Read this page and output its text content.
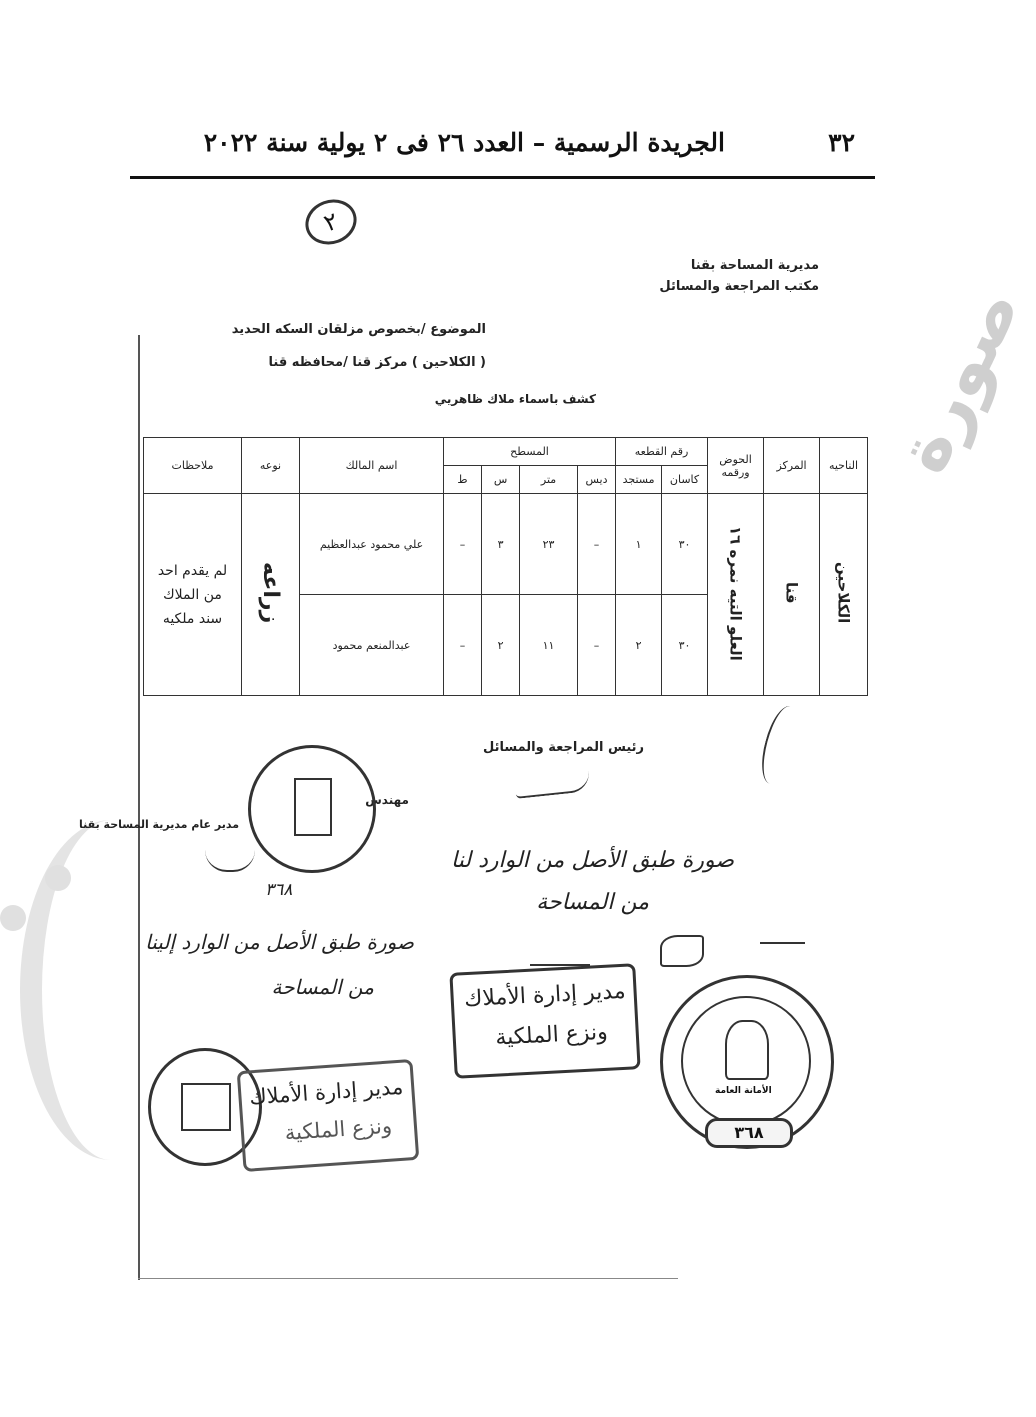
صورة
الجريدة الرسمية – العدد ٢٦ فى ٢ يولية سنة ٢٠٢٢	٣٢
٢
مديرية المساحة بقنا
مكتب المراجعة والمسائل
الموضوع /بخصوص مزلقان السكه الحديد
( الكلاحين ) مركز قنا /محافظه قنا
كشف باسماء ملاك ظاهريي
الناحيه	المركز	الحوض ورقمه	رقم القطعه		المسطح				اسم المالك	نوعه	ملاحظات
			كاسان	مستجد	ديس	متر	س	ط			
الكلاحين	قنا	العلو التيه نمره ١٦	٣٠	١	–	٢٣	٣	–	علي محمود عبدالعظيم	زراعه	لم يقدم احد
من الملاك
سند ملكيه

			٣٠	٢	–	١١	٢	–	عبدالمنعم محمود		
رئيس المراجعة والمسائل
مهندس
مدير عام مديرية المساحة بقنا
٣٦٨
صورة طبق الأصل من الوارد لنا
من المساحة
صورة طبق الأصل من الوارد إلينا
من المساحة	مدير إدارة الأملاك
ونزع الملكية
الأمانة العامة
٣٦٨
مدير إدارة الأملاك
ونزع الملكية
